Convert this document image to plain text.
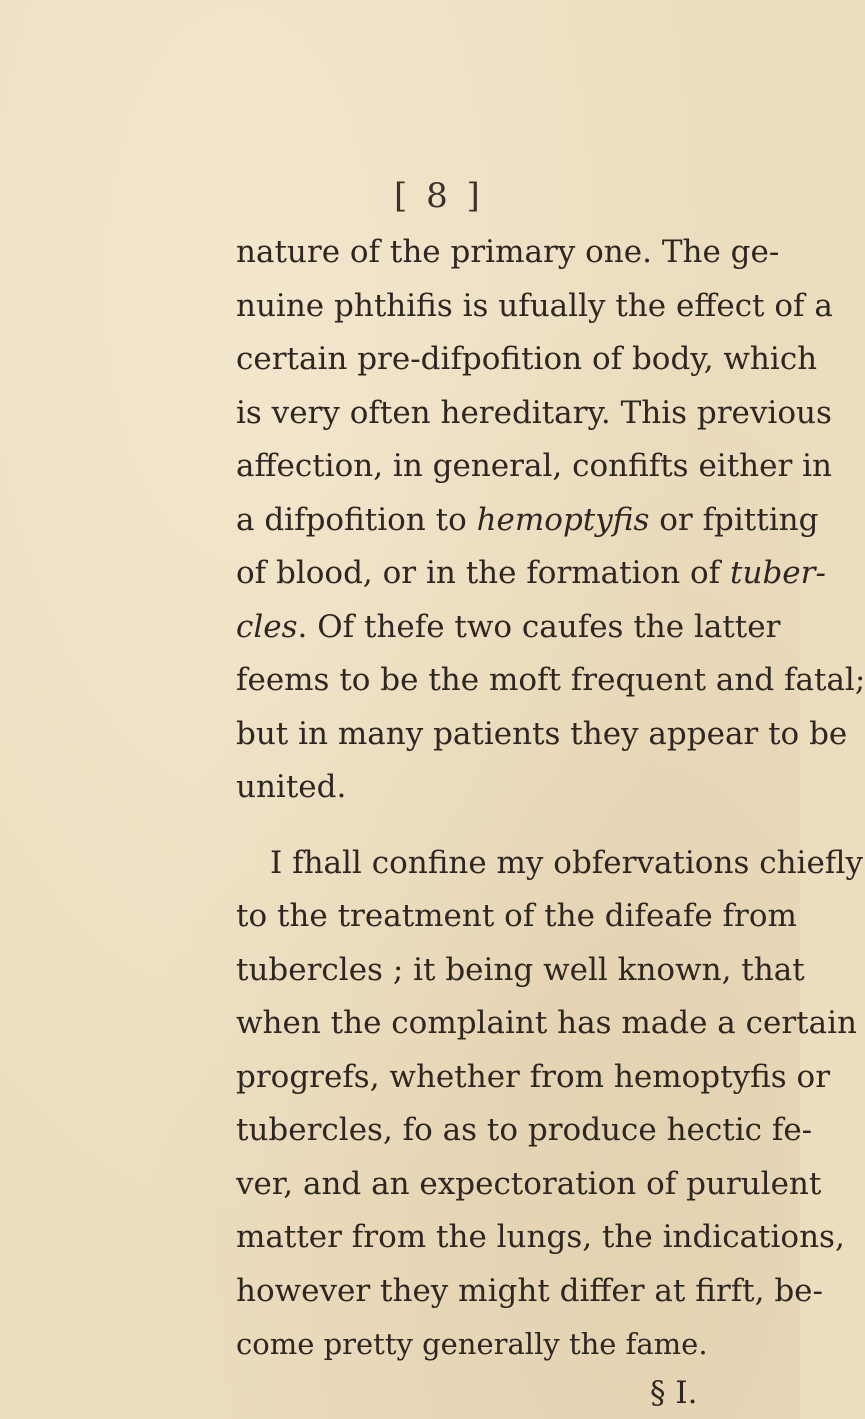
[ 8 ]
nature of the primary one. The ge-
nuine phthifis is ufually the effect of a
certain pre-difpofition of body, which
is very often hereditary. This previous
affection, in general, confifts either in
a difpofition to hemoptyfis or fpitting
of blood, or in the formation of tuber-
cles. Of thefe two caufes the latter
feems to be the moft frequent and fatal;
but in many patients they appear to be
united.
I fhall confine my obfervations chiefly
to the treatment of the difeafe from
tubercles ; it being well known, that
when the complaint has made a certain
progrefs, whether from hemoptyfis or
tubercles, fo as to produce hectic fe-
ver, and an expectoration of purulent
matter from the lungs, the indications,
however they might differ at firft, be-
come pretty generally the fame.
§ I.
